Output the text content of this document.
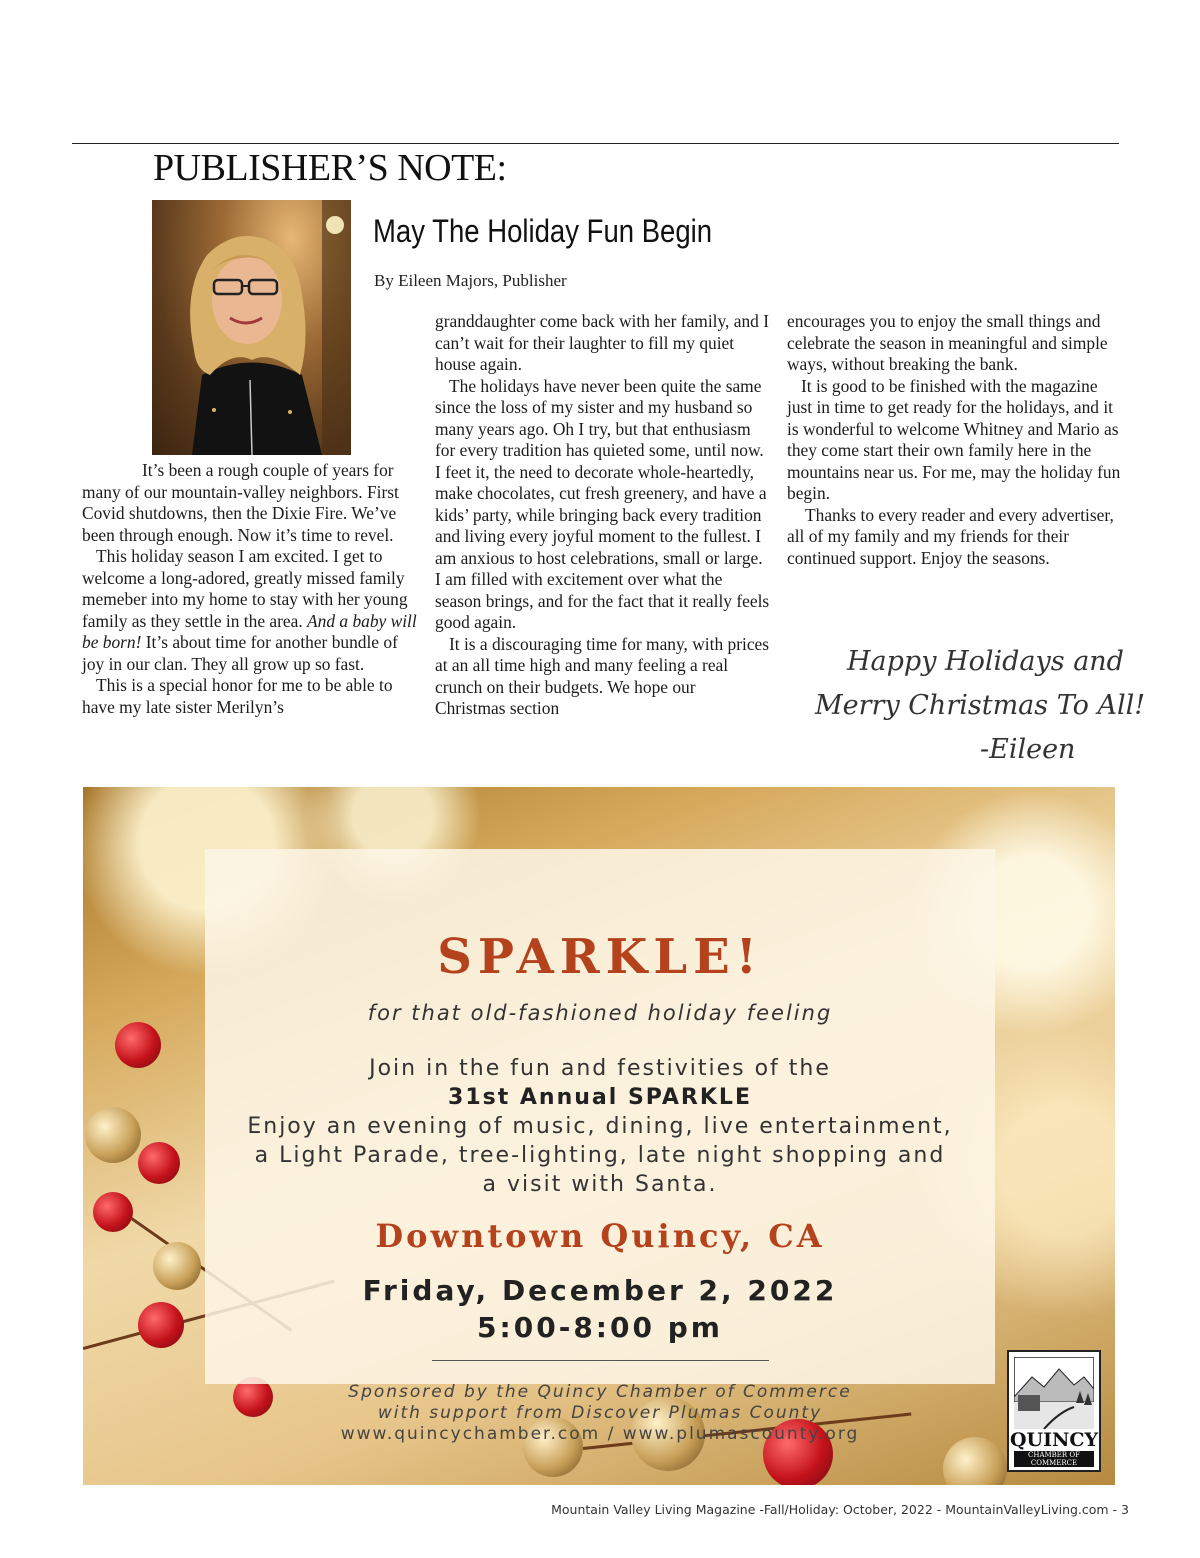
PUBLISHER’S NOTE:
May The Holiday Fun Begin
By Eileen Majors, Publisher

It’s been a rough couple of years for many of our mountain-valley neighbors. First Covid shutdowns, then the Dixie Fire. We’ve been through enough. Now it’s time to revel.

This holiday season I am excited. I get to welcome a long-adored, greatly missed family memeber into my home to stay with her young family as they settle in the area. And a baby will be born! It’s about time for another bundle of joy in our clan. They all grow up so fast.

This is a special honor for me to be able to have my late sister Merilyn’s

granddaughter come back with her family, and I can’t wait for their laughter to fill my quiet house again.

The holidays have never been quite the same since the loss of my sister and my husband so many years ago. Oh I try, but that enthusiasm for every tradition has quieted some, until now. I feet it, the need to decorate whole-heartedly, make chocolates, cut fresh greenery, and have a kids’ party, while bringing back every tradition and living every joyful moment to the fullest. I am anxious to host celebrations, small or large. I am filled with excitement over what the season brings, and for the fact that it really feels good again.

It is a discouraging time for many, with prices at an all time high and many feeling a real crunch on their budgets. We hope our Christmas section

encourages you to enjoy the small things and celebrate the season in meaningful and simple ways, without breaking the bank.

It is good to be finished with the magazine just in time to get ready for the holidays, and it is wonderful to welcome Whitney and Mario as they come start their own family here in the mountains near us. For me, may the holiday fun begin.

Thanks to every reader and every advertiser, all of my family and my friends for their continued support. Enjoy the seasons.

Happy Holidays and
Merry Christmas To All!
-Eileen
SPARKLE!
for that old-fashioned holiday feeling
Join in the fun and festivities of the
31st Annual SPARKLE
Enjoy an evening of music, dining, live entertainment,
a Light Parade, tree-lighting, late night shopping and
a visit with Santa.
Downtown Quincy, CA
Friday, December 2, 2022
5:00-8:00 pm
Sponsored by the Quincy Chamber of Commerce
with support from Discover Plumas County
www.quincychamber.com / www.plumascounty.org	QUINCY
CHAMBER OF COMMERCE
Mountain Valley Living Magazine -Fall/Holiday: October, 2022 - MountainValleyLiving.com - 3
